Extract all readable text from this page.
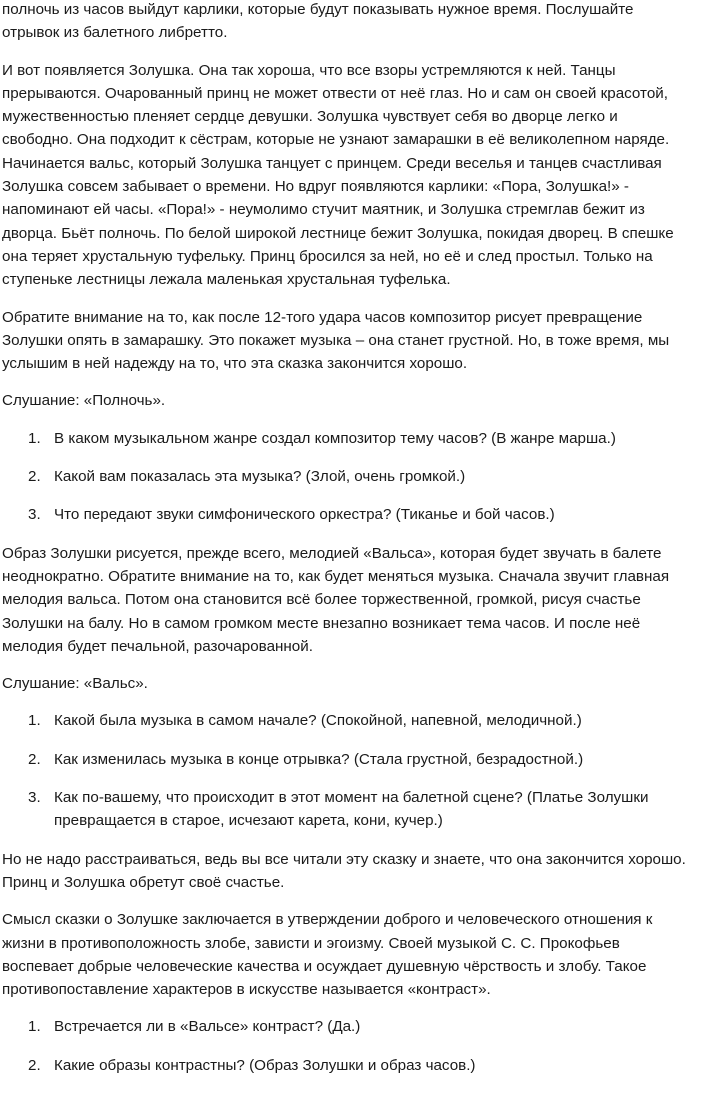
полночь из часов выйдут карлики, которые будут показывать нужное время. Послушайте отрывок из балетного либретто.

И вот появляется Золушка. Она так хороша, что все взоры устремляются к ней. Танцы прерываются. Очарованный принц не может отвести от неё глаз. Но и сам он своей красотой, мужественностью пленяет сердце девушки. Золушка чувствует себя во дворце легко и свободно. Она подходит к сёстрам, которые не узнают замарашки в её великолепном наряде. Начинается вальс, который Золушка танцует с принцем. Среди веселья и танцев счастливая Золушка совсем забывает о времени. Но вдруг появляются карлики: «Пора, Золушка!» - напоминают ей часы. «Пора!» - неумолимо стучит маятник, и Золушка стремглав бежит из дворца. Бьёт полночь. По белой широкой лестнице бежит Золушка, покидая дворец. В спешке она теряет хрустальную туфельку. Принц бросился за ней, но её и след простыл. Только на ступеньке лестницы лежала маленькая хрустальная туфелька.

Обратите внимание на то, как после 12-того удара часов композитор рисует превращение Золушки опять в замарашку. Это покажет музыка – она станет грустной. Но, в тоже время, мы услышим в ней надежду на то, что эта сказка закончится хорошо.

Слушание: «Полночь».

1. В каком музыкальном жанре создал композитор тему часов? (В жанре марша.)
2. Какой вам показалась эта музыка? (Злой, очень громкой.)
3. Что передают звуки симфонического оркестра? (Тиканье и бой часов.)

Образ Золушки рисуется, прежде всего, мелодией «Вальса», которая будет звучать в балете неоднократно. Обратите внимание на то, как будет меняться музыка. Сначала звучит главная мелодия вальса. Потом она становится всё более торжественной, громкой, рисуя счастье Золушки на балу. Но в самом громком месте внезапно возникает тема часов. И после неё мелодия будет печальной, разочарованной.

Слушание: «Вальс».

1. Какой была музыка в самом начале? (Спокойной, напевной, мелодичной.)
2. Как изменилась музыка в конце отрывка? (Стала грустной, безрадостной.)
3. Как по-вашему, что происходит в этот момент на балетной сцене? (Платье Золушки превращается в старое, исчезают карета, кони, кучер.)

Но не надо расстраиваться, ведь вы все читали эту сказку и знаете, что она закончится хорошо. Принц и Золушка обретут своё счастье.

Смысл сказки о Золушке заключается в утверждении доброго и человеческого отношения к жизни в противоположность злобе, зависти и эгоизму. Своей музыкой С. С. Прокофьев воспевает добрые человеческие качества и осуждает душевную чёрствость и злобу. Такое противопоставление характеров в искусстве называется «контраст».

1. Встречается ли в «Вальсе» контраст? (Да.)
2. Какие образы контрастны? (Образ Золушки и образ часов.)
